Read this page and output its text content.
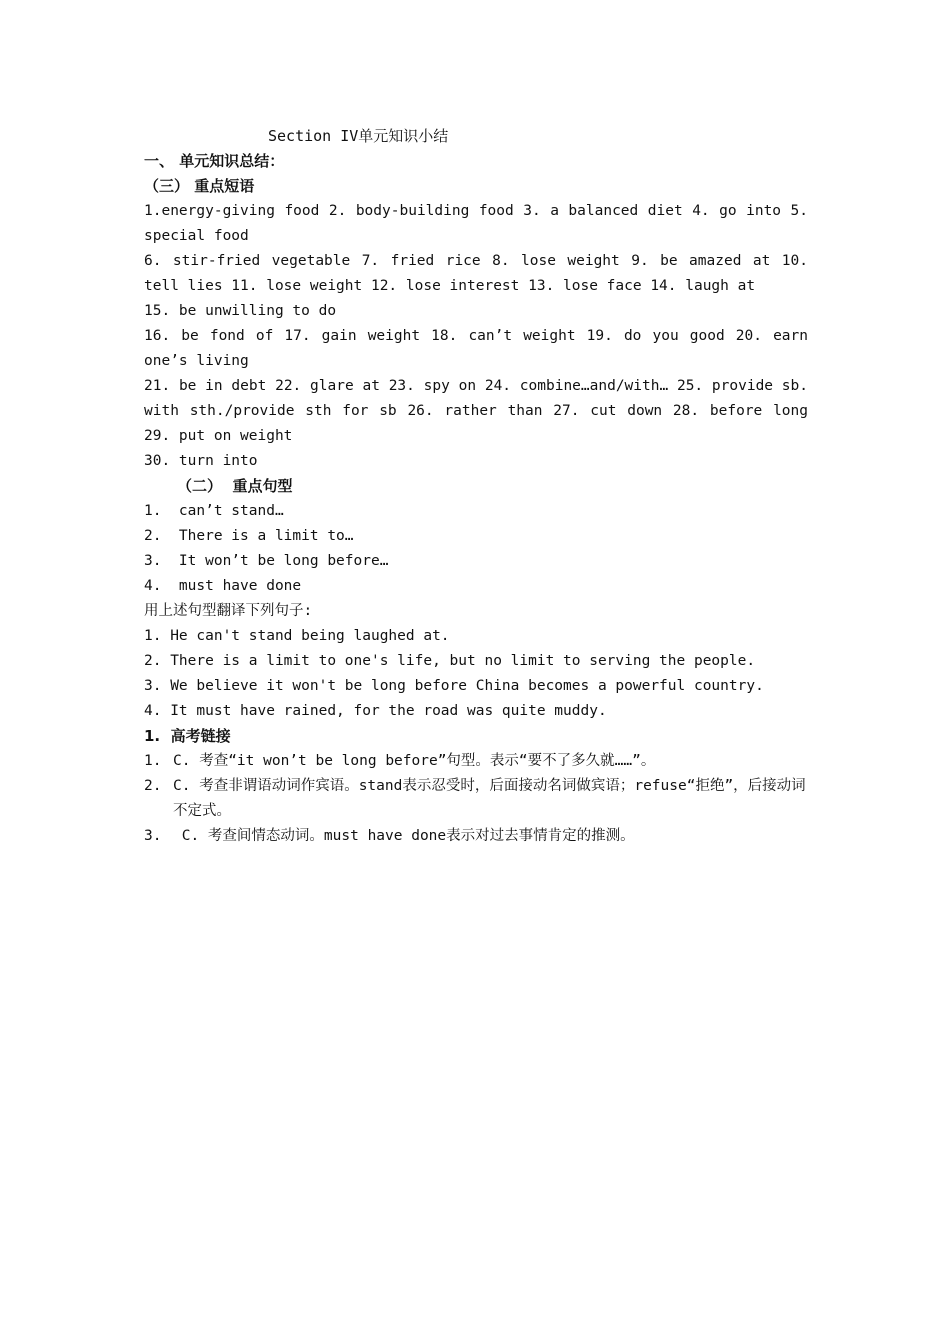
Section IV单元知识小结
一、 单元知识总结：
（三） 重点短语
1.energy-giving food 2. body-building food 3. a balanced diet 4. go into 5. special food
6. stir-fried vegetable 7. fried rice 8. lose weight 9. be amazed at 10. tell lies 11. lose weight 12. lose interest 13. lose face 14. laugh at
15. be unwilling to do
16. be fond of 17. gain weight 18. can’t weight 19. do you good 20. earn one’s living
21. be in debt 22. glare at 23. spy on 24. combine…and/with… 25. provide sb. with sth./provide sth for sb 26. rather than 27. cut down 28. before long 29. put on weight
30. turn into
（二）  重点句型
1.  can’t stand…
2.  There is a limit to…
3.  It won’t be long before…
4.  must have done
用上述句型翻译下列句子:
1. He can't stand being laughed at.
2. There is a limit to one's life, but no limit to serving the people.
3. We believe it won't be long before China becomes a powerful country.
4. It must have rained, for the road was quite muddy.
1.  高考链接
1. C. 考查“it won’t be long before”句型。表示“要不了多久就……”。
2. C. 考查非谓语动词作宾语。stand表示忍受时，后面接动名词做宾语；refuse“拒绝”，后接动词不定式。
3. C. 考查间情态动词。must have done表示对过去事情肯定的推测。
